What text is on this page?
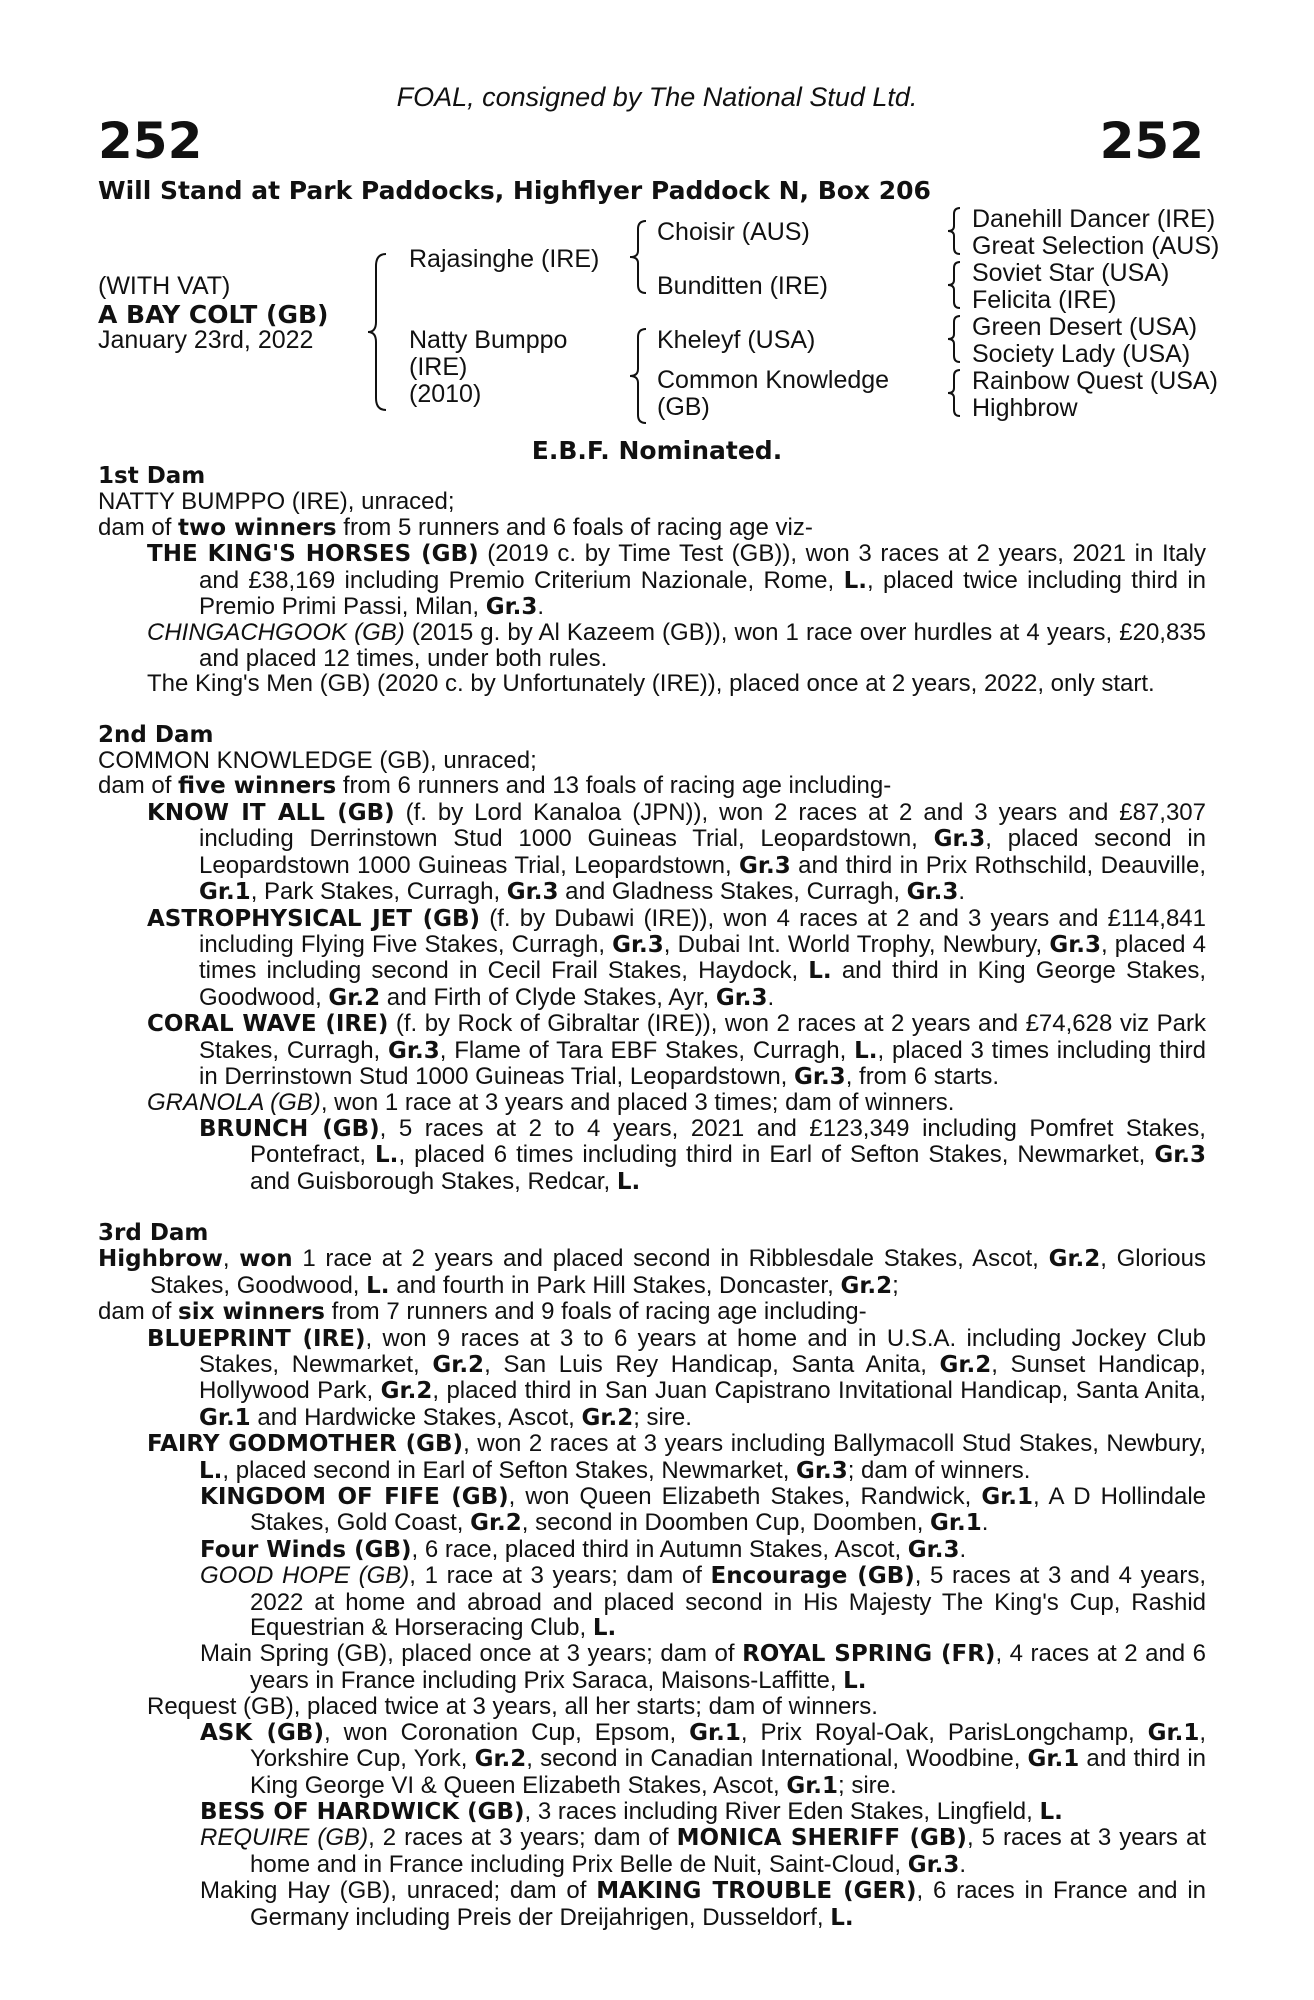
FOAL, consigned by The National Stud Ltd.
252	252
Will Stand at Park Paddocks, Highflyer Paddock N, Box 206
(WITH VAT)
A BAY COLT (GB)
January 23rd, 2022
Rajasinghe (IRE)
Natty Bumppo
(IRE)
(2010)
Choisir (AUS)
Bunditten (IRE)
Kheleyf (USA)
Common Knowledge
(GB)
Danehill Dancer (IRE)
Great Selection (AUS)
Soviet Star (USA)
Felicita (IRE)
Green Desert (USA)
Society Lady (USA)
Rainbow Quest (USA)
Highbrow
E.B.F. Nominated.

1st Dam

NATTY BUMPPO (IRE), unraced;

dam of two winners from 5 runners and 6 foals of racing age viz-

THE KING'S HORSES (GB) (2019 c. by Time Test (GB)), won 3 races at 2 years, 2021 in Italy and £38,169 including Premio Criterium Nazionale, Rome, L., placed twice including third in Premio Primi Passi, Milan, Gr.3.

CHINGACHGOOK (GB) (2015 g. by Al Kazeem (GB)), won 1 race over hurdles at 4 years, £20,835 and placed 12 times, under both rules.

The King's Men (GB) (2020 c. by Unfortunately (IRE)), placed once at 2 years, 2022, only start.

2nd Dam

COMMON KNOWLEDGE (GB), unraced;

dam of five winners from 6 runners and 13 foals of racing age including-

KNOW IT ALL (GB) (f. by Lord Kanaloa (JPN)), won 2 races at 2 and 3 years and £87,307 including Derrinstown Stud 1000 Guineas Trial, Leopardstown, Gr.3, placed second in Leopardstown 1000 Guineas Trial, Leopardstown, Gr.3 and third in Prix Rothschild, Deauville, Gr.1, Park Stakes, Curragh, Gr.3 and Gladness Stakes, Curragh, Gr.3.

ASTROPHYSICAL JET (GB) (f. by Dubawi (IRE)), won 4 races at 2 and 3 years and £114,841 including Flying Five Stakes, Curragh, Gr.3, Dubai Int. World Trophy, Newbury, Gr.3, placed 4 times including second in Cecil Frail Stakes, Haydock, L. and third in King George Stakes, Goodwood, Gr.2 and Firth of Clyde Stakes, Ayr, Gr.3.

CORAL WAVE (IRE) (f. by Rock of Gibraltar (IRE)), won 2 races at 2 years and £74,628 viz Park Stakes, Curragh, Gr.3, Flame of Tara EBF Stakes, Curragh, L., placed 3 times including third in Derrinstown Stud 1000 Guineas Trial, Leopardstown, Gr.3, from 6 starts.

GRANOLA (GB), won 1 race at 3 years and placed 3 times; dam of winners.

BRUNCH (GB), 5 races at 2 to 4 years, 2021 and £123,349 including Pomfret Stakes, Pontefract, L., placed 6 times including third in Earl of Sefton Stakes, Newmarket, Gr.3 and Guisborough Stakes, Redcar, L.

3rd Dam

Highbrow, won 1 race at 2 years and placed second in Ribblesdale Stakes, Ascot, Gr.2, Glorious Stakes, Goodwood, L. and fourth in Park Hill Stakes, Doncaster, Gr.2;

dam of six winners from 7 runners and 9 foals of racing age including-

BLUEPRINT (IRE), won 9 races at 3 to 6 years at home and in U.S.A. including Jockey Club Stakes, Newmarket, Gr.2, San Luis Rey Handicap, Santa Anita, Gr.2, Sunset Handicap, Hollywood Park, Gr.2, placed third in San Juan Capistrano Invitational Handicap, Santa Anita, Gr.1 and Hardwicke Stakes, Ascot, Gr.2; sire.

FAIRY GODMOTHER (GB), won 2 races at 3 years including Ballymacoll Stud Stakes, Newbury, L., placed second in Earl of Sefton Stakes, Newmarket, Gr.3; dam of winners.

KINGDOM OF FIFE (GB), won Queen Elizabeth Stakes, Randwick, Gr.1, A D Hollindale Stakes, Gold Coast, Gr.2, second in Doomben Cup, Doomben, Gr.1.

Four Winds (GB), 6 race, placed third in Autumn Stakes, Ascot, Gr.3.

GOOD HOPE (GB), 1 race at 3 years; dam of Encourage (GB), 5 races at 3 and 4 years, 2022 at home and abroad and placed second in His Majesty The King's Cup, Rashid Equestrian & Horseracing Club, L.

Main Spring (GB), placed once at 3 years; dam of ROYAL SPRING (FR), 4 races at 2 and 6 years in France including Prix Saraca, Maisons-Laffitte, L.

Request (GB), placed twice at 3 years, all her starts; dam of winners.

ASK (GB), won Coronation Cup, Epsom, Gr.1, Prix Royal-Oak, ParisLongchamp, Gr.1, Yorkshire Cup, York, Gr.2, second in Canadian International, Woodbine, Gr.1 and third in King George VI & Queen Elizabeth Stakes, Ascot, Gr.1; sire.

BESS OF HARDWICK (GB), 3 races including River Eden Stakes, Lingfield, L.

REQUIRE (GB), 2 races at 3 years; dam of MONICA SHERIFF (GB), 5 races at 3 years at home and in France including Prix Belle de Nuit, Saint-Cloud, Gr.3.

Making Hay (GB), unraced; dam of MAKING TROUBLE (GER), 6 races in France and in Germany including Preis der Dreijahrigen, Dusseldorf, L.
